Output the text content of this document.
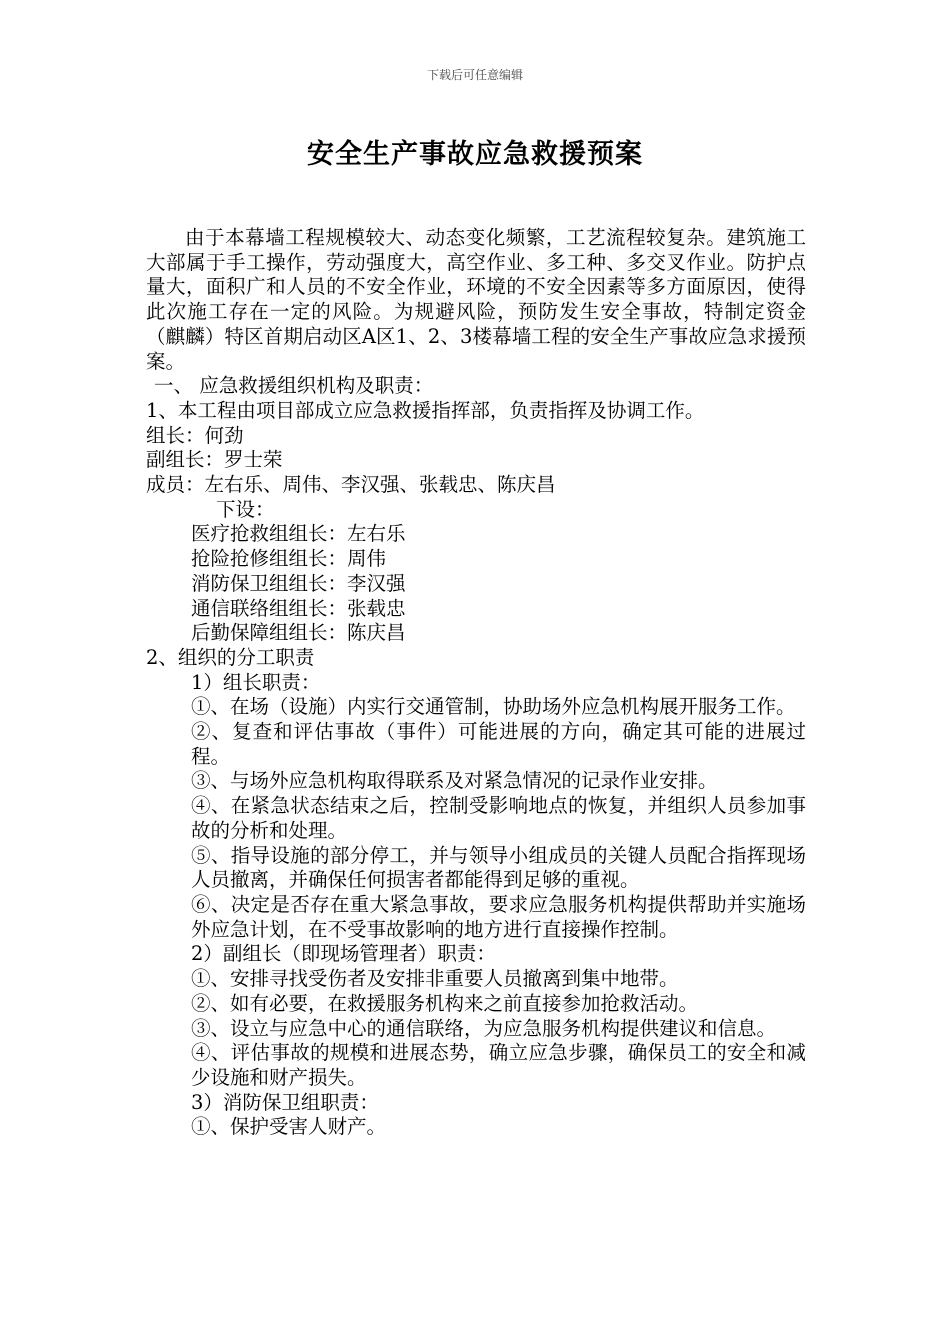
下载后可任意编辑
安全生产事故应急救援预案

由于本幕墙工程规模较大、动态变化频繁，工艺流程较复杂。建筑施工大部属于手工操作，劳动强度大，高空作业、多工种、多交叉作业。防护点量大，面积广和人员的不安全作业，环境的不安全因素等多方面原因，使得此次施工存在一定的风险。为规避风险，预防发生安全事故，特制定资金（麒麟）特区首期启动区A区1、2、3楼幕墙工程的安全生产事故应急求援预案。

一、 应急救援组织机构及职责：
1、本工程由项目部成立应急救援指挥部，负责指挥及协调工作。
组长：何劲
副组长：罗士荣
成员：左右乐、周伟、李汉强、张载忠、陈庆昌
下设：
医疗抢救组组长：左右乐
抢险抢修组组长：周伟
消防保卫组组长：李汉强
通信联络组组长：张载忠
后勤保障组组长：陈庆昌
2、组织的分工职责
1）组长职责：

①、在场（设施）内实行交通管制，协助场外应急机构展开服务工作。

②、复查和评估事故（事件）可能进展的方向，确定其可能的进展过程。

③、与场外应急机构取得联系及对紧急情况的记录作业安排。

④、在紧急状态结束之后，控制受影响地点的恢复，并组织人员参加事故的分析和处理。

⑤、指导设施的部分停工，并与领导小组成员的关键人员配合指挥现场人员撤离，并确保任何损害者都能得到足够的重视。

⑥、决定是否存在重大紧急事故，要求应急服务机构提供帮助并实施场外应急计划，在不受事故影响的地方进行直接操作控制。

2）副组长（即现场管理者）职责：

①、安排寻找受伤者及安排非重要人员撤离到集中地带。

②、如有必要，在救援服务机构来之前直接参加抢救活动。

③、设立与应急中心的通信联络，为应急服务机构提供建议和信息。

④、评估事故的规模和进展态势，确立应急步骤，确保员工的安全和减少设施和财产损失。

3）消防保卫组职责：

①、保护受害人财产。
